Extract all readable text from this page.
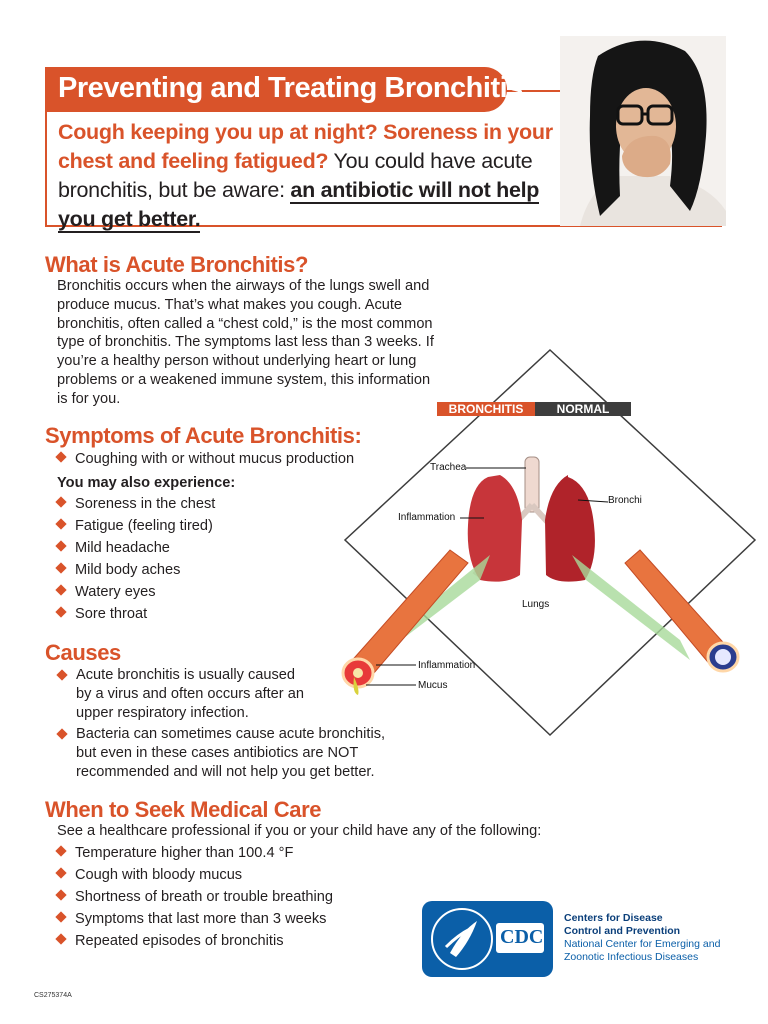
Preventing and Treating Bronchitis
Cough keeping you up at night? Soreness in your chest and feeling fatigued? You could have acute bronchitis, but be aware: an antibiotic will not help you get better.
What is Acute Bronchitis?
Bronchitis occurs when the airways of the lungs swell and produce mucus. That’s what makes you cough. Acute bronchitis, often called a “chest cold,” is the most common type of bronchitis. The symptoms last less than 3 weeks. If you’re a healthy person without underlying heart or lung problems or a weakened immune system, this information is for you.
Symptoms of Acute Bronchitis:
Coughing with or without mucus production
You may also experience:
Soreness in the chest
Fatigue (feeling tired)
Mild headache
Mild body aches
Watery eyes
Sore throat
Causes
Acute bronchitis is usually caused by a virus and often occurs after an upper respiratory infection.
Bacteria can sometimes cause acute bronchitis, but even in these cases antibiotics are NOT recommended and will not help you get better.
When to Seek Medical Care
See a healthcare professional if you or your child have any of the following:
Temperature higher than 100.4 °F
Cough with bloody mucus
Shortness of breath or trouble breathing
Symptoms that last more than 3 weeks
Repeated episodes of bronchitis
BRONCHITIS	NORMAL
Trachea
Bronchi
Inflammation
Lungs
Inflammation
Mucus
CDC
Centers for Disease
Control and Prevention
National Center for Emerging and
Zoonotic Infectious Diseases
CS275374A
